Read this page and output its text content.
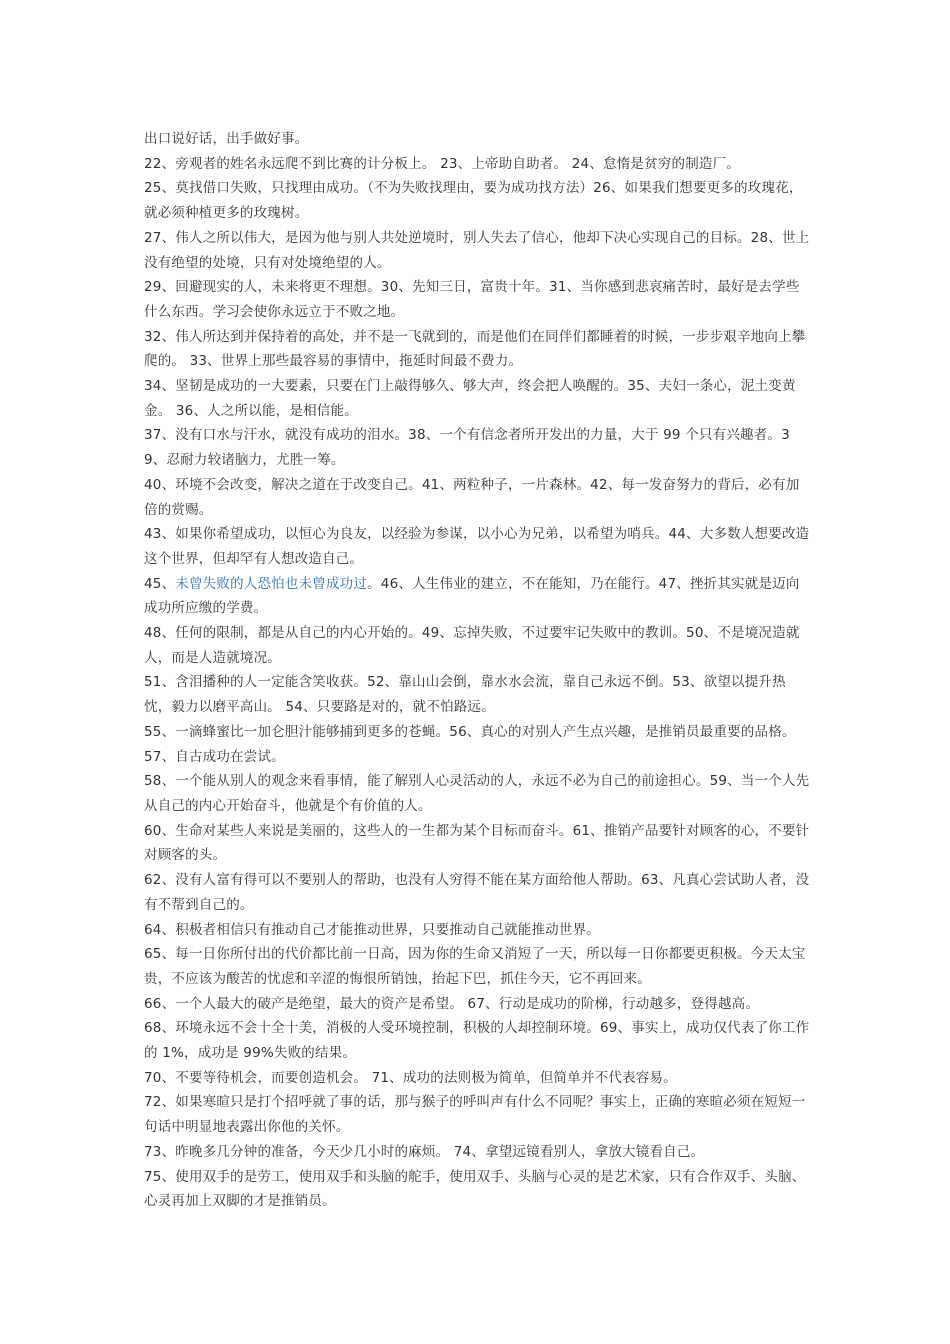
出口说好话，出手做好事。

22、旁观者的姓名永远爬不到比赛的计分板上。 23、上帝助自助者。 24、怠惰是贫穷的制造厂。

25、莫找借口失败，只找理由成功。（不为失败找理由，要为成功找方法）26、如果我们想要更多的玫瑰花，就必须种植更多的玫瑰树。

27、伟人之所以伟大，是因为他与别人共处逆境时，别人失去了信心，他却下决心实现自己的目标。28、世上没有绝望的处境，只有对处境绝望的人。

29、回避现实的人，未来将更不理想。30、先知三日，富贵十年。31、当你感到悲哀痛苦时，最好是去学些什么东西。学习会使你永远立于不败之地。

32、伟人所达到并保持着的高处，并不是一飞就到的，而是他们在同伴们都睡着的时候，一步步艰辛地向上攀爬的。 33、世界上那些最容易的事情中，拖延时间最不费力。

34、坚韧是成功的一大要素，只要在门上敲得够久、够大声，终会把人唤醒的。35、夫妇一条心，泥土变黄金。 36、人之所以能，是相信能。

37、没有口水与汗水，就没有成功的泪水。38、一个有信念者所开发出的力量，大于 99 个只有兴趣者。39、忍耐力较诸脑力，尤胜一筹。

40、环境不会改变，解决之道在于改变自己。41、两粒种子，一片森林。42、每一发奋努力的背后，必有加倍的赏赐。

43、如果你希望成功，以恒心为良友，以经验为参谋，以小心为兄弟，以希望为哨兵。44、大多数人想要改造这个世界，但却罕有人想改造自己。

45、未曾失败的人恐怕也未曾成功过。46、人生伟业的建立，不在能知，乃在能行。47、挫折其实就是迈向成功所应缴的学费。

48、任何的限制，都是从自己的内心开始的。49、忘掉失败，不过要牢记失败中的教训。50、不是境况造就人，而是人造就境况。

51、含泪播种的人一定能含笑收获。52、靠山山会倒，靠水水会流，靠自己永远不倒。53、欲望以提升热忱，毅力以磨平高山。 54、只要路是对的，就不怕路远。

55、一滴蜂蜜比一加仑胆汁能够捕到更多的苍蝇。56、真心的对别人产生点兴趣，是推销员最重要的品格。

57、自古成功在尝试。

58、一个能从别人的观念来看事情，能了解别人心灵活动的人，永远不必为自己的前途担心。59、当一个人先从自己的内心开始奋斗，他就是个有价值的人。

60、生命对某些人来说是美丽的，这些人的一生都为某个目标而奋斗。61、推销产品要针对顾客的心，不要针对顾客的头。

62、没有人富有得可以不要别人的帮助，也没有人穷得不能在某方面给他人帮助。63、凡真心尝试助人者，没有不帮到自己的。

64、积极者相信只有推动自己才能推动世界，只要推动自己就能推动世界。

65、每一日你所付出的代价都比前一日高，因为你的生命又消短了一天，所以每一日你都要更积极。今天太宝贵，不应该为酸苦的忧虑和辛涩的悔恨所销蚀，抬起下巴，抓住今天，它不再回来。

66、一个人最大的破产是绝望，最大的资产是希望。 67、行动是成功的阶梯，行动越多，登得越高。

68、环境永远不会十全十美，消极的人受环境控制，积极的人却控制环境。69、事实上，成功仅代表了你工作的 1%，成功是 99%失败的结果。

70、不要等待机会，而要创造机会。 71、成功的法则极为简单，但简单并不代表容易。

72、如果寒暄只是打个招呼就了事的话，那与猴子的呼叫声有什么不同呢？事实上，正确的寒暄必须在短短一句话中明显地表露出你他的关怀。

73、昨晚多几分钟的准备，今天少几小时的麻烦。 74、拿望远镜看别人，拿放大镜看自己。

75、使用双手的是劳工，使用双手和头脑的舵手，使用双手、头脑与心灵的是艺术家，只有合作双手、头脑、心灵再加上双脚的才是推销员。
